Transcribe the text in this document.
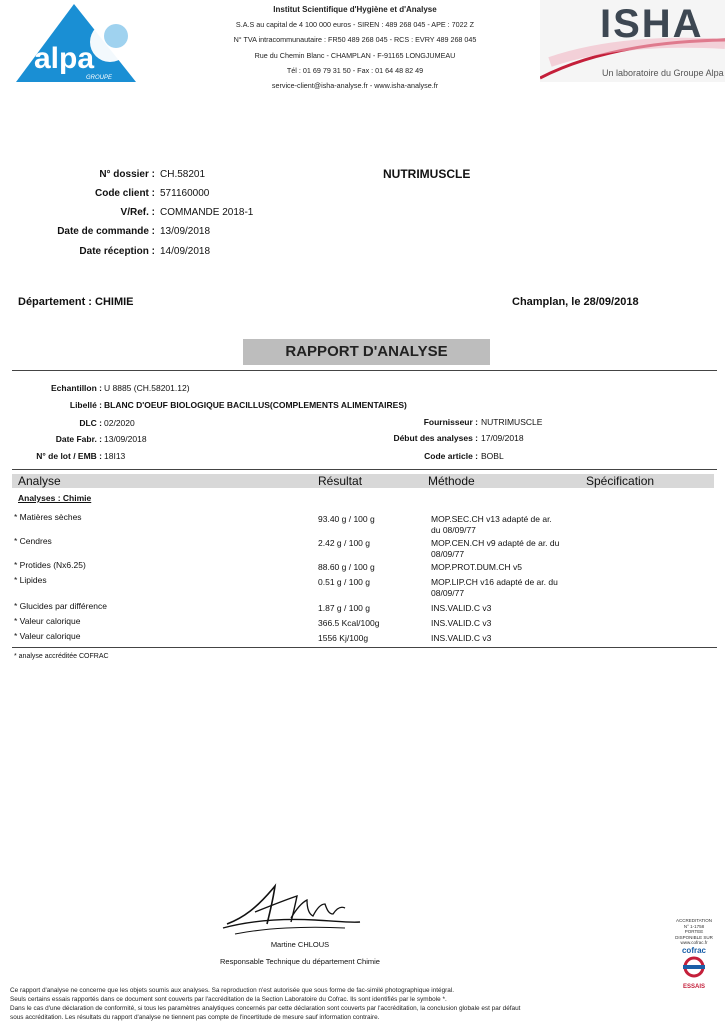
alpa
GROUPE
Institut Scientifique d'Hygiène et d'Analyse
S.A.S au capital de 4 100 000 euros - SIREN : 489 268 045 - APE : 7022 Z
N° TVA intracommunautaire : FR50 489 268 045 - RCS : EVRY 489 268 045
Rue du Chemin Blanc - CHAMPLAN - F-91165 LONGJUMEAU
Tél : 01 69 79 31 50 - Fax : 01 64 48 82 49
service-client@isha-analyse.fr - www.isha-analyse.fr
ISHA
Un laboratoire du Groupe Alpa
N° dossier : CH.58201
Code client : 571160000
V/Ref. : COMMANDE 2018-1
Date de commande : 13/09/2018
Date réception : 14/09/2018
NUTRIMUSCLE
Département : CHIMIE	Champlan, le 28/09/2018
RAPPORT D'ANALYSE
Echantillon : U 8885 (CH.58201.12)
Libellé : BLANC D'OEUF BIOLOGIQUE BACILLUS(COMPLEMENTS ALIMENTAIRES)
DLC : 02/2020	Fournisseur : NUTRIMUSCLE
Date Fabr. : 13/09/2018	Début des analyses : 17/09/2018
N° de lot / EMB : 18I13	Code article : BOBL
Analyse	Résultat	Méthode	Spécification
Analyses : Chimie
* Matières sèches	93.40 g / 100 g	MOP.SEC.CH v13 adapté de ar.
du 08/09/77
* Cendres	2.42 g / 100 g	MOP.CEN.CH v9 adapté de ar. du
08/09/77
* Protides (Nx6.25)	88.60 g / 100 g	MOP.PROT.DUM.CH v5
* Lipides	0.51 g / 100 g	MOP.LIP.CH v16 adapté de ar. du
08/09/77
* Glucides par différence	1.87 g / 100 g	INS.VALID.C v3
* Valeur calorique	366.5 Kcal/100g	INS.VALID.C v3
* Valeur calorique	1556 Kj/100g	INS.VALID.C v3
* analyse accréditée COFRAC
Martine CHLOUS
Responsable Technique du département Chimie
ACCREDITATION
N° 1-1758
PORTEE
DISPONIBLE SUR
www.cofrac.fr
cofrac
ESSAIS
Ce rapport d'analyse ne concerne que les objets soumis aux analyses. Sa reproduction n'est autorisée que sous forme de fac-similé photographique intégral.
Seuls certains essais rapportés dans ce document sont couverts par l'accréditation de la Section Laboratoire du Cofrac. Ils sont identifiés par le symbole *.
Dans le cas d'une déclaration de conformité, si tous les paramètres analytiques concernés par cette déclaration sont couverts par l'accréditation, la conclusion globale est par défaut
sous accréditation. Les résultats du rapport d'analyse ne tiennent pas compte de l'incertitude de mesure sauf information contraire.
